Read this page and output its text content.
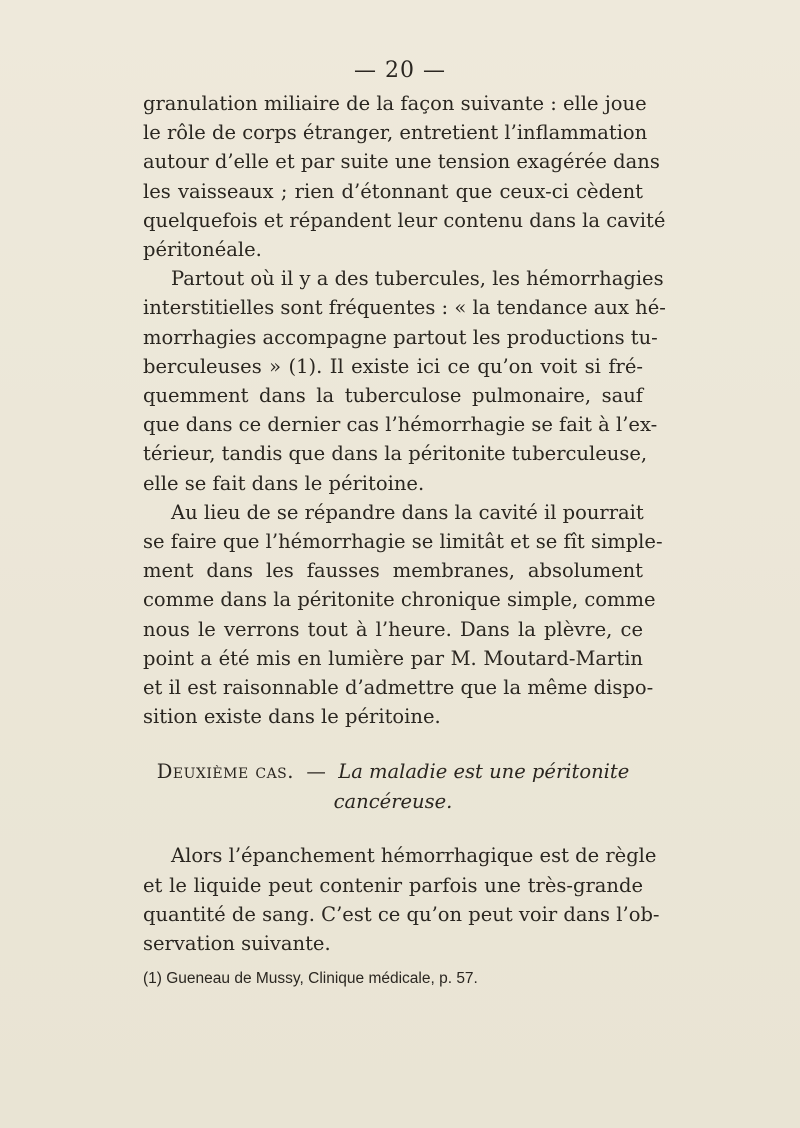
— 20 —

granulation miliaire de la façon suivante : elle joue
le rôle de corps étranger, entretient l’inflammation
autour d’elle et par suite une tension exagérée dans
les vaisseaux ; rien d’étonnant que ceux-ci cèdent
quelquefois et répandent leur contenu dans la cavité
péritonéale.

Partout où il y a des tubercules, les hémorrhagies
interstitielles sont fréquentes : « la tendance aux hé-
morrhagies accompagne partout les productions tu-
berculeuses » (1). Il existe ici ce qu’on voit si fré-
quemment dans la tuberculose pulmonaire, sauf
que dans ce dernier cas l’hémorrhagie se fait à l’ex-
térieur, tandis que dans la péritonite tuberculeuse,
elle se fait dans le péritoine.

Au lieu de se répandre dans la cavité il pourrait
se faire que l’hémorrhagie se limitât et se fît simple-
ment dans les fausses membranes, absolument
comme dans la péritonite chronique simple, comme
nous le verrons tout à l’heure. Dans la plèvre, ce
point a été mis en lumière par M. Moutard-Martin
et il est raisonnable d’admettre que la même dispo-
sition existe dans le péritoine.

Deuxième cas. — La maladie est une péritonite
cancéreuse.

Alors l’épanchement hémorrhagique est de règle
et le liquide peut contenir parfois une très-grande
quantité de sang. C’est ce qu’on peut voir dans l’ob-
servation suivante.

(1) Gueneau de Mussy, Clinique médicale, p. 57.
